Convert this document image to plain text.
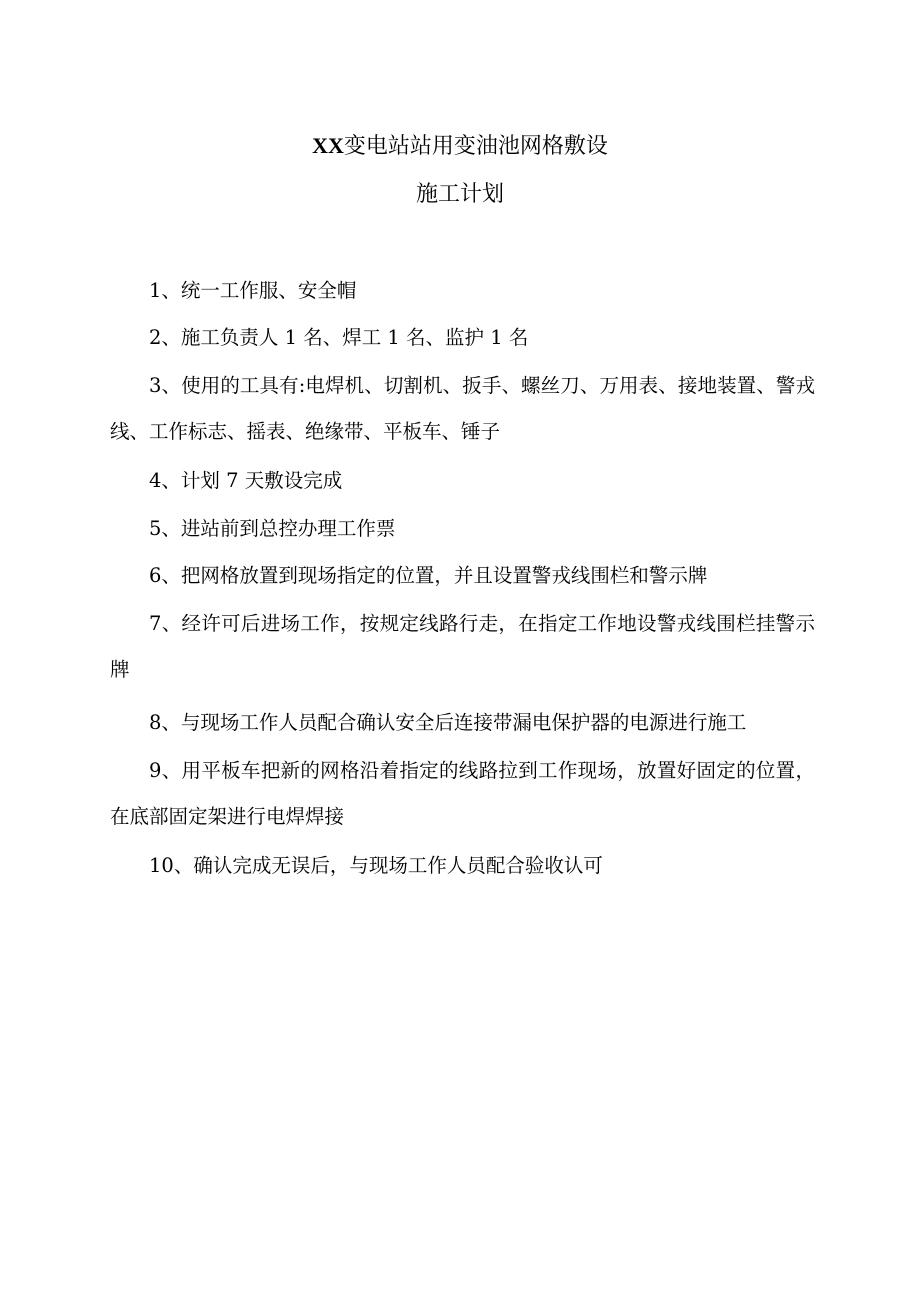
XX变电站站用变油池网格敷设
施工计划

1、统一工作服、安全帽

2、施工负责人 1 名、焊工 1 名、监护 1 名

3、使用的工具有:电焊机、切割机、扳手、螺丝刀、万用表、接地装置、警戎线、工作标志、摇表、绝缘带、平板车、锤子

4、计划 7 天敷设完成

5、进站前到总控办理工作票

6、把网格放置到现场指定的位置，并且设置警戎线围栏和警示牌

7、经许可后进场工作，按规定线路行走，在指定工作地设警戎线围栏挂警示牌

8、与现场工作人员配合确认安全后连接带漏电保护器的电源进行施工

9、用平板车把新的网格沿着指定的线路拉到工作现场，放置好固定的位置，在底部固定架进行电焊焊接

10、确认完成无误后，与现场工作人员配合验收认可
